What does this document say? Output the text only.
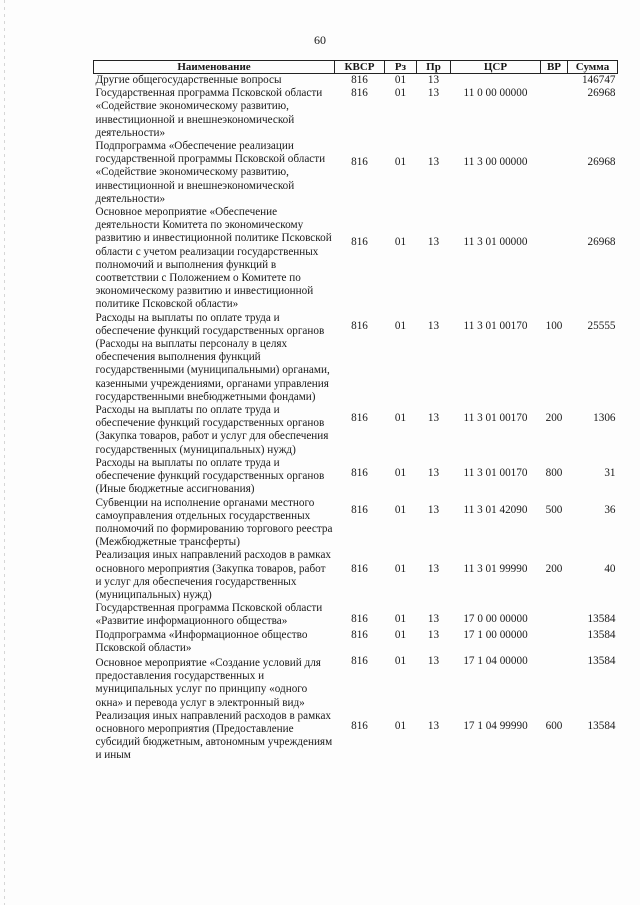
60
Наименование	КВСР	Рз	Пр	ЦСР	ВР	Сумма
Другие общегосударственные вопросы	816	01	13			146747
Государственная программа Псковской области «Содействие экономическому развитию, инвестиционной и внешнеэкономической деятельности»	816	01	13	11 0 00 00000		26968
Подпрограмма «Обеспечение реализации государственной программы Псковской области «Содействие экономическому развитию, инвестиционной и внешнеэкономической деятельности»	816	01	13	11 3 00 00000		26968
Основное мероприятие «Обеспечение деятельности Комитета по экономическому развитию и инвестиционной политике Псковской области с учетом реализации государственных полномочий и выполнения функций в соответствии с Положением о Комитете по экономическому развитию и инвестиционной политике Псковской области»	816	01	13	11 3 01 00000		26968
Расходы на выплаты по оплате труда и обеспечение функций государственных органов (Расходы на выплаты персоналу в целях обеспечения выполнения функций государственными (муниципальными) органами, казенными учреждениями, органами управления государственными внебюджетными фондами)	816	01	13	11 3 01 00170	100	25555
Расходы на выплаты по оплате труда и обеспечение функций государственных органов (Закупка товаров, работ и услуг для обеспечения государственных (муниципальных) нужд)	816	01	13	11 3 01 00170	200	1306
Расходы на выплаты по оплате труда и обеспечение функций государственных органов (Иные бюджетные ассигнования)	816	01	13	11 3 01 00170	800	31
Субвенции на исполнение органами местного самоуправления отдельных государственных полномочий по формированию торгового реестра (Межбюджетные трансферты)	816	01	13	11 3 01 42090	500	36
Реализация иных направлений расходов в рамках основного мероприятия (Закупка товаров, работ и услуг для обеспечения государственных (муниципальных) нужд)	816	01	13	11 3 01 99990	200	40
Государственная программа Псковской области «Развитие информационного общества»	816	01	13	17 0 00 00000		13584
Подпрограмма «Информационное общество Псковской области»	816	01	13	17 1 00 00000		13584
Основное мероприятие «Создание условий для предоставления государственных и муниципальных услуг по принципу «одного окна» и перевода услуг в электронный вид»	816	01	13	17 1 04 00000		13584
Реализация иных направлений расходов в рамках основного мероприятия (Предоставление субсидий бюджетным, автономным учреждениям и иным	816	01	13	17 1 04 99990	600	13584
